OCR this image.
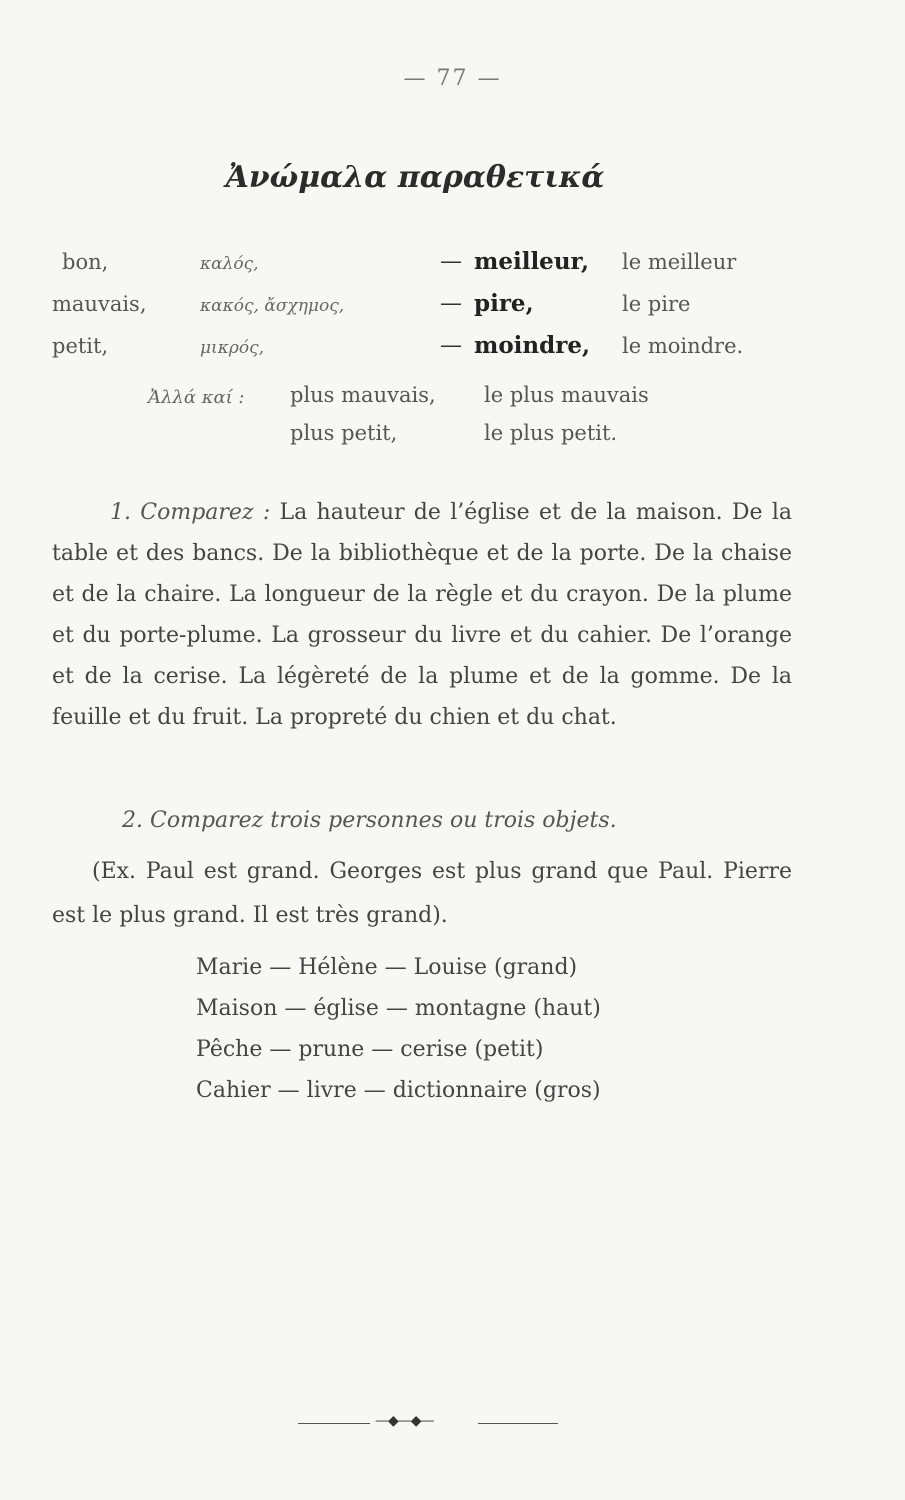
— 77 —
Ἀνώμαλα παραθετικά
bon,	καλός,	— meilleur, le meilleur
mauvais,	κακός, ἄσχημος,	— pire,	le pire
petit,	μικρός,	— moindre, le moindre.
Ἀλλά καί : plus mauvais, le plus mauvais
plus petit,	le plus petit.
1. Comparez : La hauteur de l’église et de la maison. De la table et des bancs. De la bibliothèque et de la porte. De la chaise et de la chaire. La longueur de la règle et du crayon. De la plume et du porte-plume. La grosseur du livre et du cahier. De l’orange et de la cerise. La légèreté de la plume et de la gomme. De la feuille et du fruit. La propreté du chien et du chat.
2. Comparez trois personnes ou trois objets.
(Ex. Paul est grand. Georges est plus grand que Paul. Pierre est le plus grand. Il est très grand).
Marie — Hélène — Louise (grand)
Maison — église — montagne (haut)
Pêche — prune — cerise (petit)
Cahier — livre — dictionnaire (gros)
—◆—◆—
